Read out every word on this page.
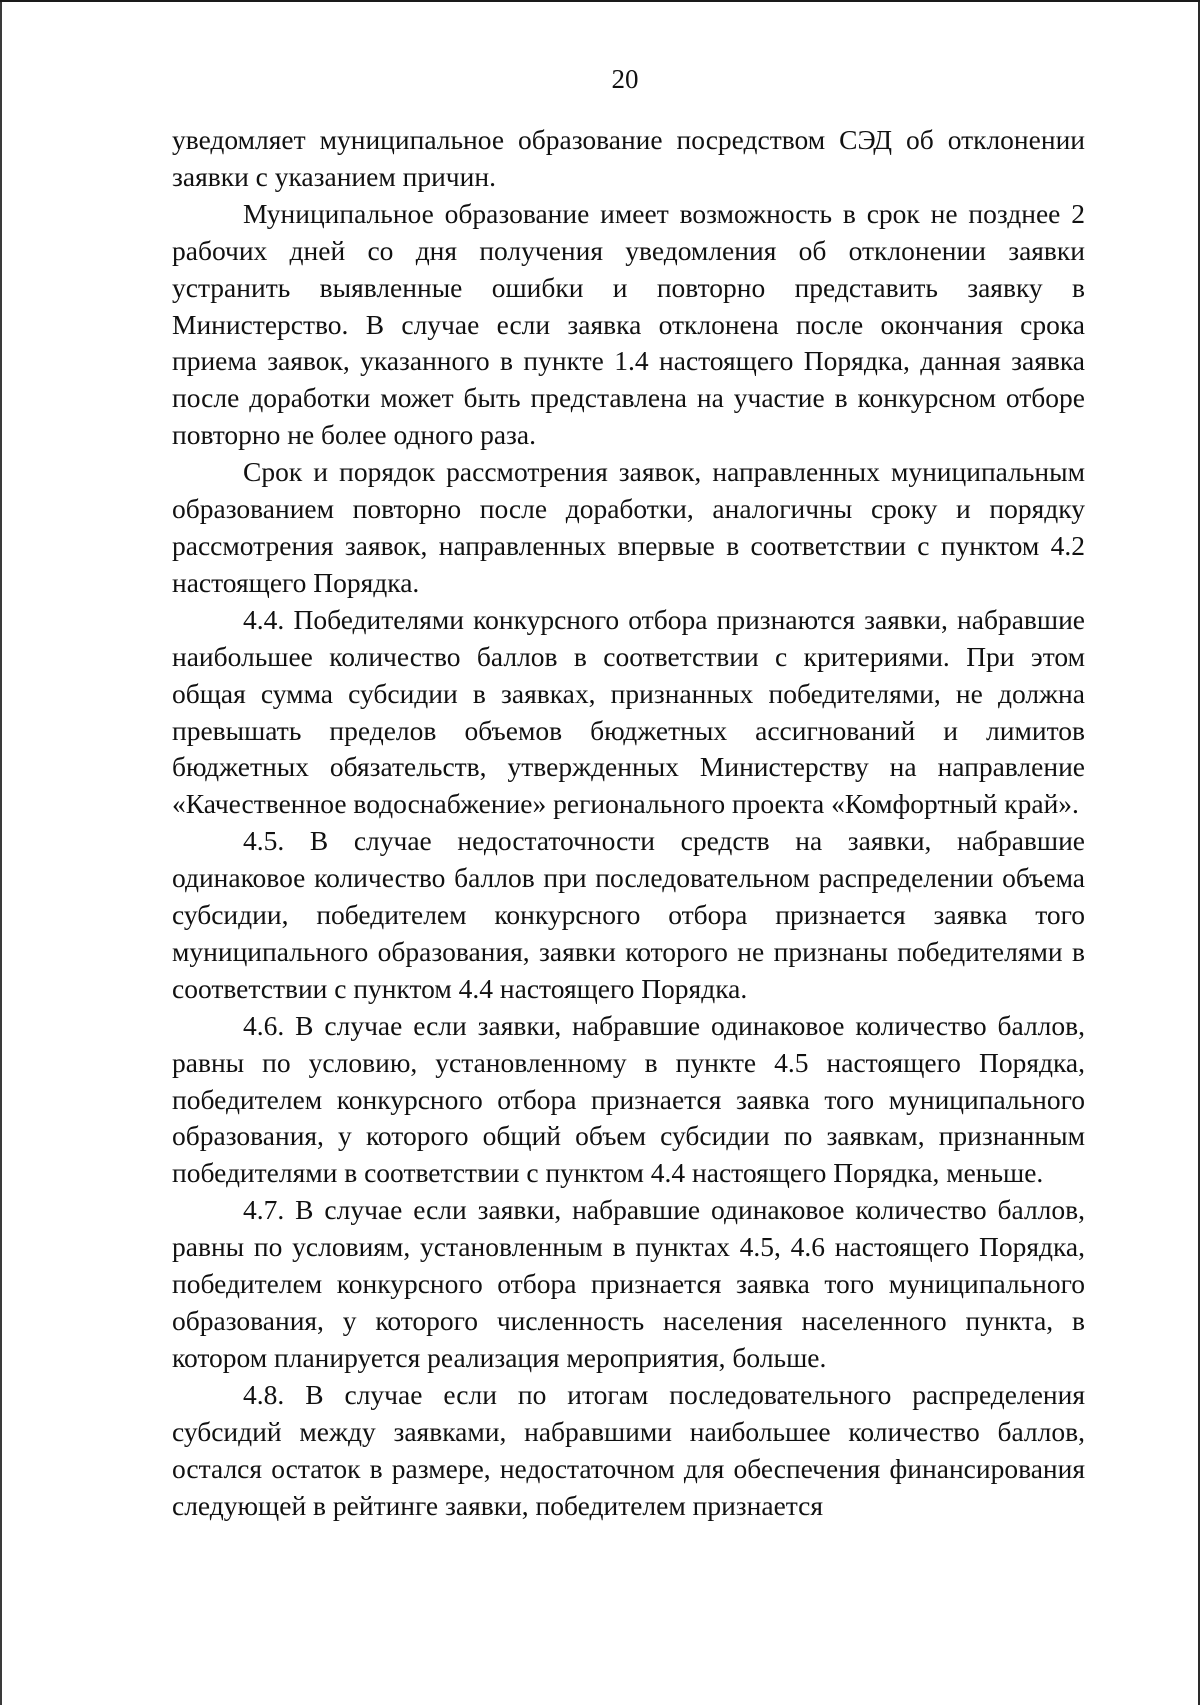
20

уведомляет муниципальное образование посредством СЭД об отклонении заявки с указанием причин.

Муниципальное образование имеет возможность в срок не позднее 2 рабочих дней со дня получения уведомления об отклонении заявки устранить выявленные ошибки и повторно представить заявку в Министерство. В случае если заявка отклонена после окончания срока приема заявок, указанного в пункте 1.4 настоящего Порядка, данная заявка после доработки может быть представлена на участие в конкурсном отборе повторно не более одного раза.

Срок и порядок рассмотрения заявок, направленных муниципальным образованием повторно после доработки, аналогичны сроку и порядку рассмотрения заявок, направленных впервые в соответствии с пунктом 4.2 настоящего Порядка.

4.4. Победителями конкурсного отбора признаются заявки, набравшие наибольшее количество баллов в соответствии с критериями. При этом общая сумма субсидии в заявках, признанных победителями, не должна превышать пределов объемов бюджетных ассигнований и лимитов бюджетных обязательств, утвержденных Министерству на направление «Качественное водоснабжение» регионального проекта «Комфортный край».

4.5. В случае недостаточности средств на заявки, набравшие одинаковое количество баллов при последовательном распределении объема субсидии, победителем конкурсного отбора признается заявка того муниципального образования, заявки которого не признаны победителями в соответствии с пунктом 4.4 настоящего Порядка.

4.6. В случае если заявки, набравшие одинаковое количество баллов, равны по условию, установленному в пункте 4.5 настоящего Порядка, победителем конкурсного отбора признается заявка того муниципального образования, у которого общий объем субсидии по заявкам, признанным победителями в соответствии с пунктом 4.4 настоящего Порядка, меньше.

4.7. В случае если заявки, набравшие одинаковое количество баллов, равны по условиям, установленным в пунктах 4.5, 4.6 настоящего Порядка, победителем конкурсного отбора признается заявка того муниципального образования, у которого численность населения населенного пункта, в котором планируется реализация мероприятия, больше.

4.8. В случае если по итогам последовательного распределения субсидий между заявками, набравшими наибольшее количество баллов, остался остаток в размере, недостаточном для обеспечения финансирования следующей в рейтинге заявки, победителем признается
